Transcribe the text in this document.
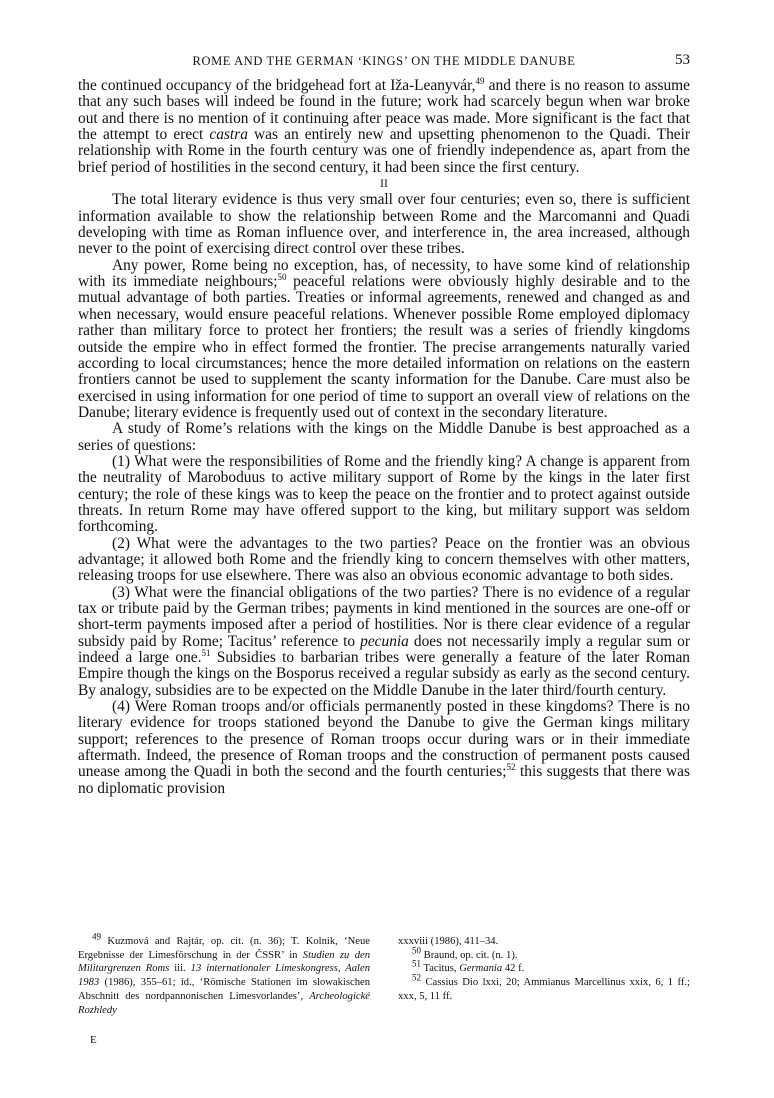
ROME AND THE GERMAN ‘KINGS’ ON THE MIDDLE DANUBE	53

the continued occupancy of the bridgehead fort at Iža-Leanyvár,$^{49}$ and there is no reason to assume that any such bases will indeed be found in the future; work had scarcely begun when war broke out and there is no mention of it continuing after peace was made. More significant is the fact that the attempt to erect castra was an entirely new and upsetting phenomenon to the Quadi. Their relationship with Rome in the fourth century was one of friendly independence as, apart from the brief period of hostilities in the second century, it had been since the first century.

II

The total literary evidence is thus very small over four centuries; even so, there is sufficient information available to show the relationship between Rome and the Marcomanni and Quadi developing with time as Roman influence over, and interference in, the area increased, although never to the point of exercising direct control over these tribes.

Any power, Rome being no exception, has, of necessity, to have some kind of relationship with its immediate neighbours;$^{50}$ peaceful relations were obviously highly desirable and to the mutual advantage of both parties. Treaties or informal agreements, renewed and changed as and when necessary, would ensure peaceful relations. Whenever possible Rome employed diplomacy rather than military force to protect her frontiers; the result was a series of friendly kingdoms outside the empire who in effect formed the frontier. The precise arrangements naturally varied according to local circumstances; hence the more detailed information on relations on the eastern frontiers cannot be used to supplement the scanty information for the Danube. Care must also be exercised in using information for one period of time to support an overall view of relations on the Danube; literary evidence is frequently used out of context in the secondary literature.

A study of Rome’s relations with the kings on the Middle Danube is best approached as a series of questions:

(1) What were the responsibilities of Rome and the friendly king? A change is apparent from the neutrality of Maroboduus to active military support of Rome by the kings in the later first century; the role of these kings was to keep the peace on the frontier and to protect against outside threats. In return Rome may have offered support to the king, but military support was seldom forthcoming.

(2) What were the advantages to the two parties? Peace on the frontier was an obvious advantage; it allowed both Rome and the friendly king to concern themselves with other matters, releasing troops for use elsewhere. There was also an obvious economic advantage to both sides.

(3) What were the financial obligations of the two parties? There is no evidence of a regular tax or tribute paid by the German tribes; payments in kind mentioned in the sources are one-off or short-term payments imposed after a period of hostilities. Nor is there clear evidence of a regular subsidy paid by Rome; Tacitus’ reference to pecunia does not necessarily imply a regular sum or indeed a large one.$^{51}$ Subsidies to barbarian tribes were generally a feature of the later Roman Empire though the kings on the Bosporus received a regular subsidy as early as the second century. By analogy, subsidies are to be expected on the Middle Danube in the later third/fourth century.

(4) Were Roman troops and/or officials permanently posted in these kingdoms? There is no literary evidence for troops stationed beyond the Danube to give the German kings military support; references to the presence of Roman troops occur during wars or in their immediate aftermath. Indeed, the presence of Roman troops and the construction of permanent posts caused unease among the Quadi in both the second and the fourth centuries;$^{52}$ this suggests that there was no diplomatic provision

$^{49}$ Kuzmová and Rajtár, op. cit. (n. 36); T. Kolnik, ‘Neue Ergebnisse der Limesförschung in der ČSSR’ in Studien zu den Militargrenzen Roms iii. 13 internationaler Limeskongress, Aalen 1983 (1986), 355–61; id., ‘Römische Stationen im slowakischen Abschnitt des nordpannonischen Limesvorlandes’, Archeologické Rozhledy

xxxviii (1986), 411–34.

$^{50}$ Braund, op. cit. (n. 1).

$^{51}$ Tacitus, Germania 42 f.

$^{52}$ Cassius Dio lxxi, 20; Ammianus Marcellinus xxix, 6, 1 ff.; xxx, 5, 11 ff.

E
